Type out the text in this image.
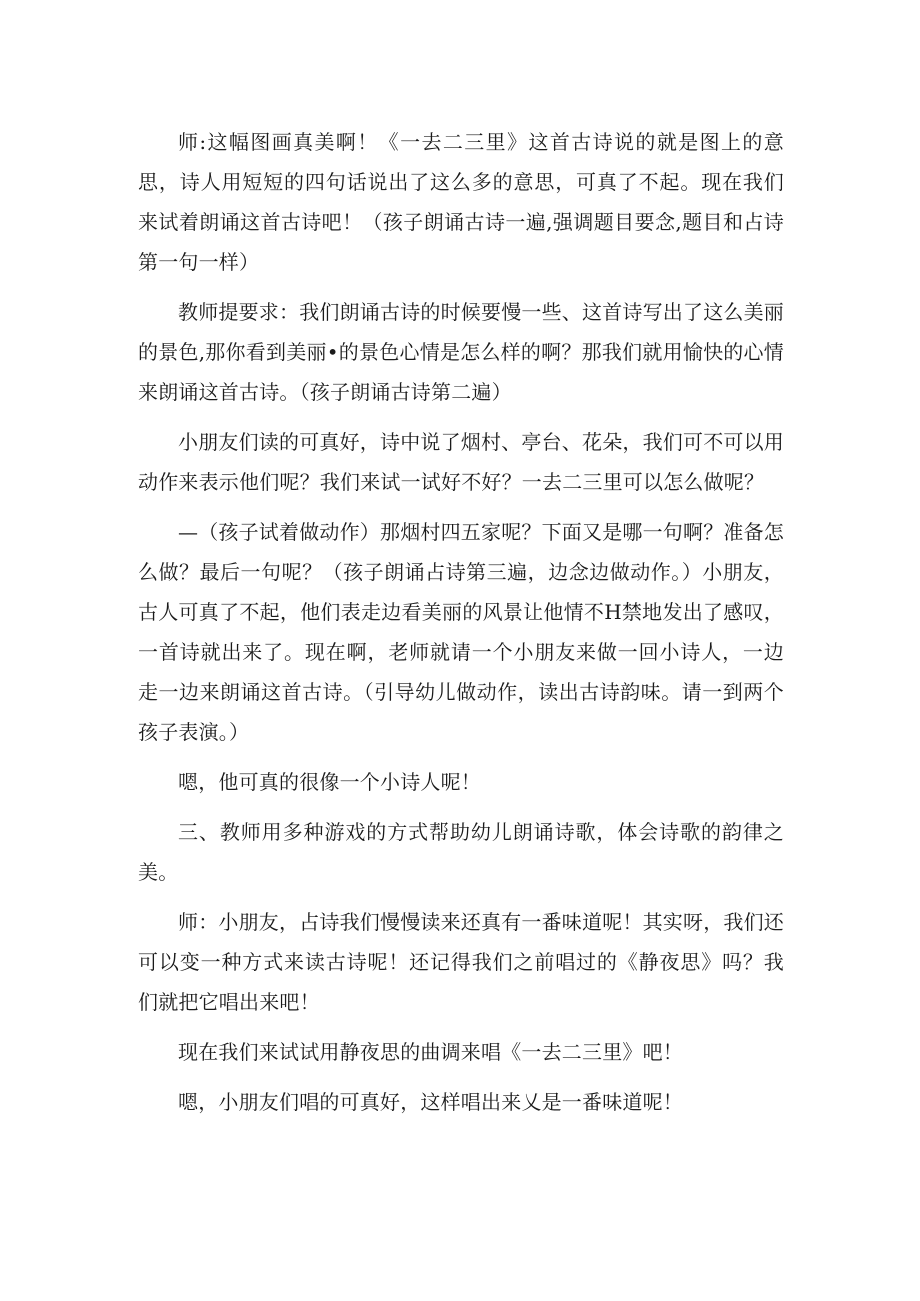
师:这幅图画真美啊！《一去二三里》这首古诗说的就是图上的意思，诗人用短短的四句话说出了这么多的意思，可真了不起。现在我们来试着朗诵这首古诗吧！（孩子朗诵古诗一遍,强调题目要念,题目和占诗第一句一样）

教师提要求：我们朗诵古诗的时候要慢一些、这首诗写出了这么美丽的景色,那你看到美丽•的景色心情是怎么样的啊？那我们就用愉快的心情来朗诵这首古诗。（孩子朗诵古诗第二遍）

小朋友们读的可真好，诗中说了烟村、亭台、花朵，我们可不可以用动作来表示他们呢？我们来试一试好不好？一去二三里可以怎么做呢？

—（孩子试着做动作）那烟村四五家呢？下面又是哪一句啊？准备怎么做？最后一句呢？（孩子朗诵占诗第三遍，边念边做动作。）小朋友，古人可真了不起，他们表走边看美丽的风景让他情不H禁地发出了感叹，一首诗就出来了。现在啊，老师就请一个小朋友来做一回小诗人，一边走一边来朗诵这首古诗。（引导幼儿做动作，读出古诗韵味。请一到两个孩子表演。）

嗯，他可真的很像一个小诗人呢！

三、教师用多种游戏的方式帮助幼儿朗诵诗歌，体会诗歌的韵律之美。

师：小朋友，占诗我们慢慢读来还真有一番味道呢！其实呀，我们还可以变一种方式来读古诗呢！还记得我们之前唱过的《静夜思》吗？我们就把它唱出来吧！

现在我们来试试用静夜思的曲调来唱《一去二三里》吧！

嗯，小朋友们唱的可真好，这样唱出来乂是一番味道呢！
